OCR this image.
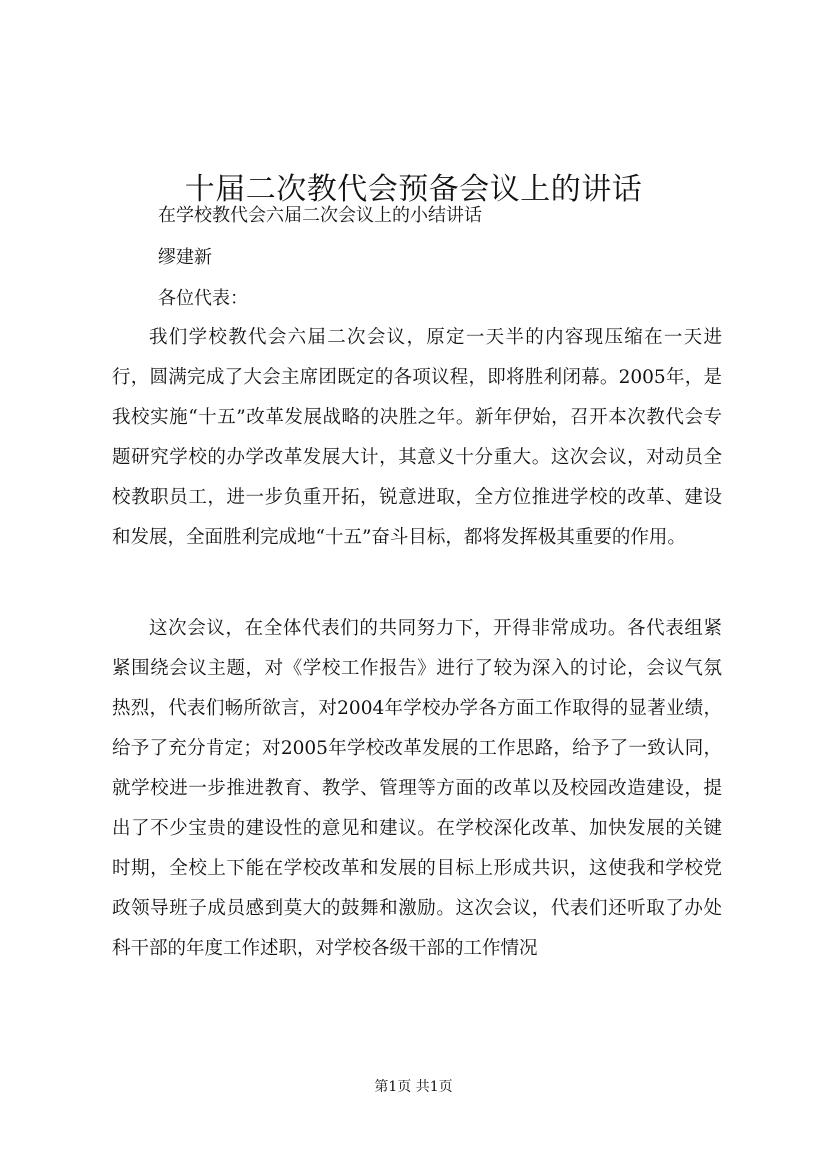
十届二次教代会预备会议上的讲话
在学校教代会六届二次会议上的小结讲话
缪建新
各位代表：

我们学校教代会六届二次会议，原定一天半的内容现压缩在一天进行，圆满完成了大会主席团既定的各项议程，即将胜利闭幕。2005年，是我校实施“十五”改革发展战略的决胜之年。新年伊始，召开本次教代会专题研究学校的办学改革发展大计，其意义十分重大。这次会议，对动员全校教职员工，进一步负重开拓，锐意进取，全方位推进学校的改革、建设和发展，全面胜利完成地“十五”奋斗目标，都将发挥极其重要的作用。

这次会议，在全体代表们的共同努力下，开得非常成功。各代表组紧紧围绕会议主题，对《学校工作报告》进行了较为深入的讨论，会议气氛热烈，代表们畅所欲言，对2004年学校办学各方面工作取得的显著业绩，给予了充分肯定；对2005年学校改革发展的工作思路，给予了一致认同，就学校进一步推进教育、教学、管理等方面的改革以及校园改造建设，提出了不少宝贵的建设性的意见和建议。在学校深化改革、加快发展的关键时期，全校上下能在学校改革和发展的目标上形成共识，这使我和学校党政领导班子成员感到莫大的鼓舞和激励。这次会议，代表们还听取了办处科干部的年度工作述职，对学校各级干部的工作情况

第1页 共1页
